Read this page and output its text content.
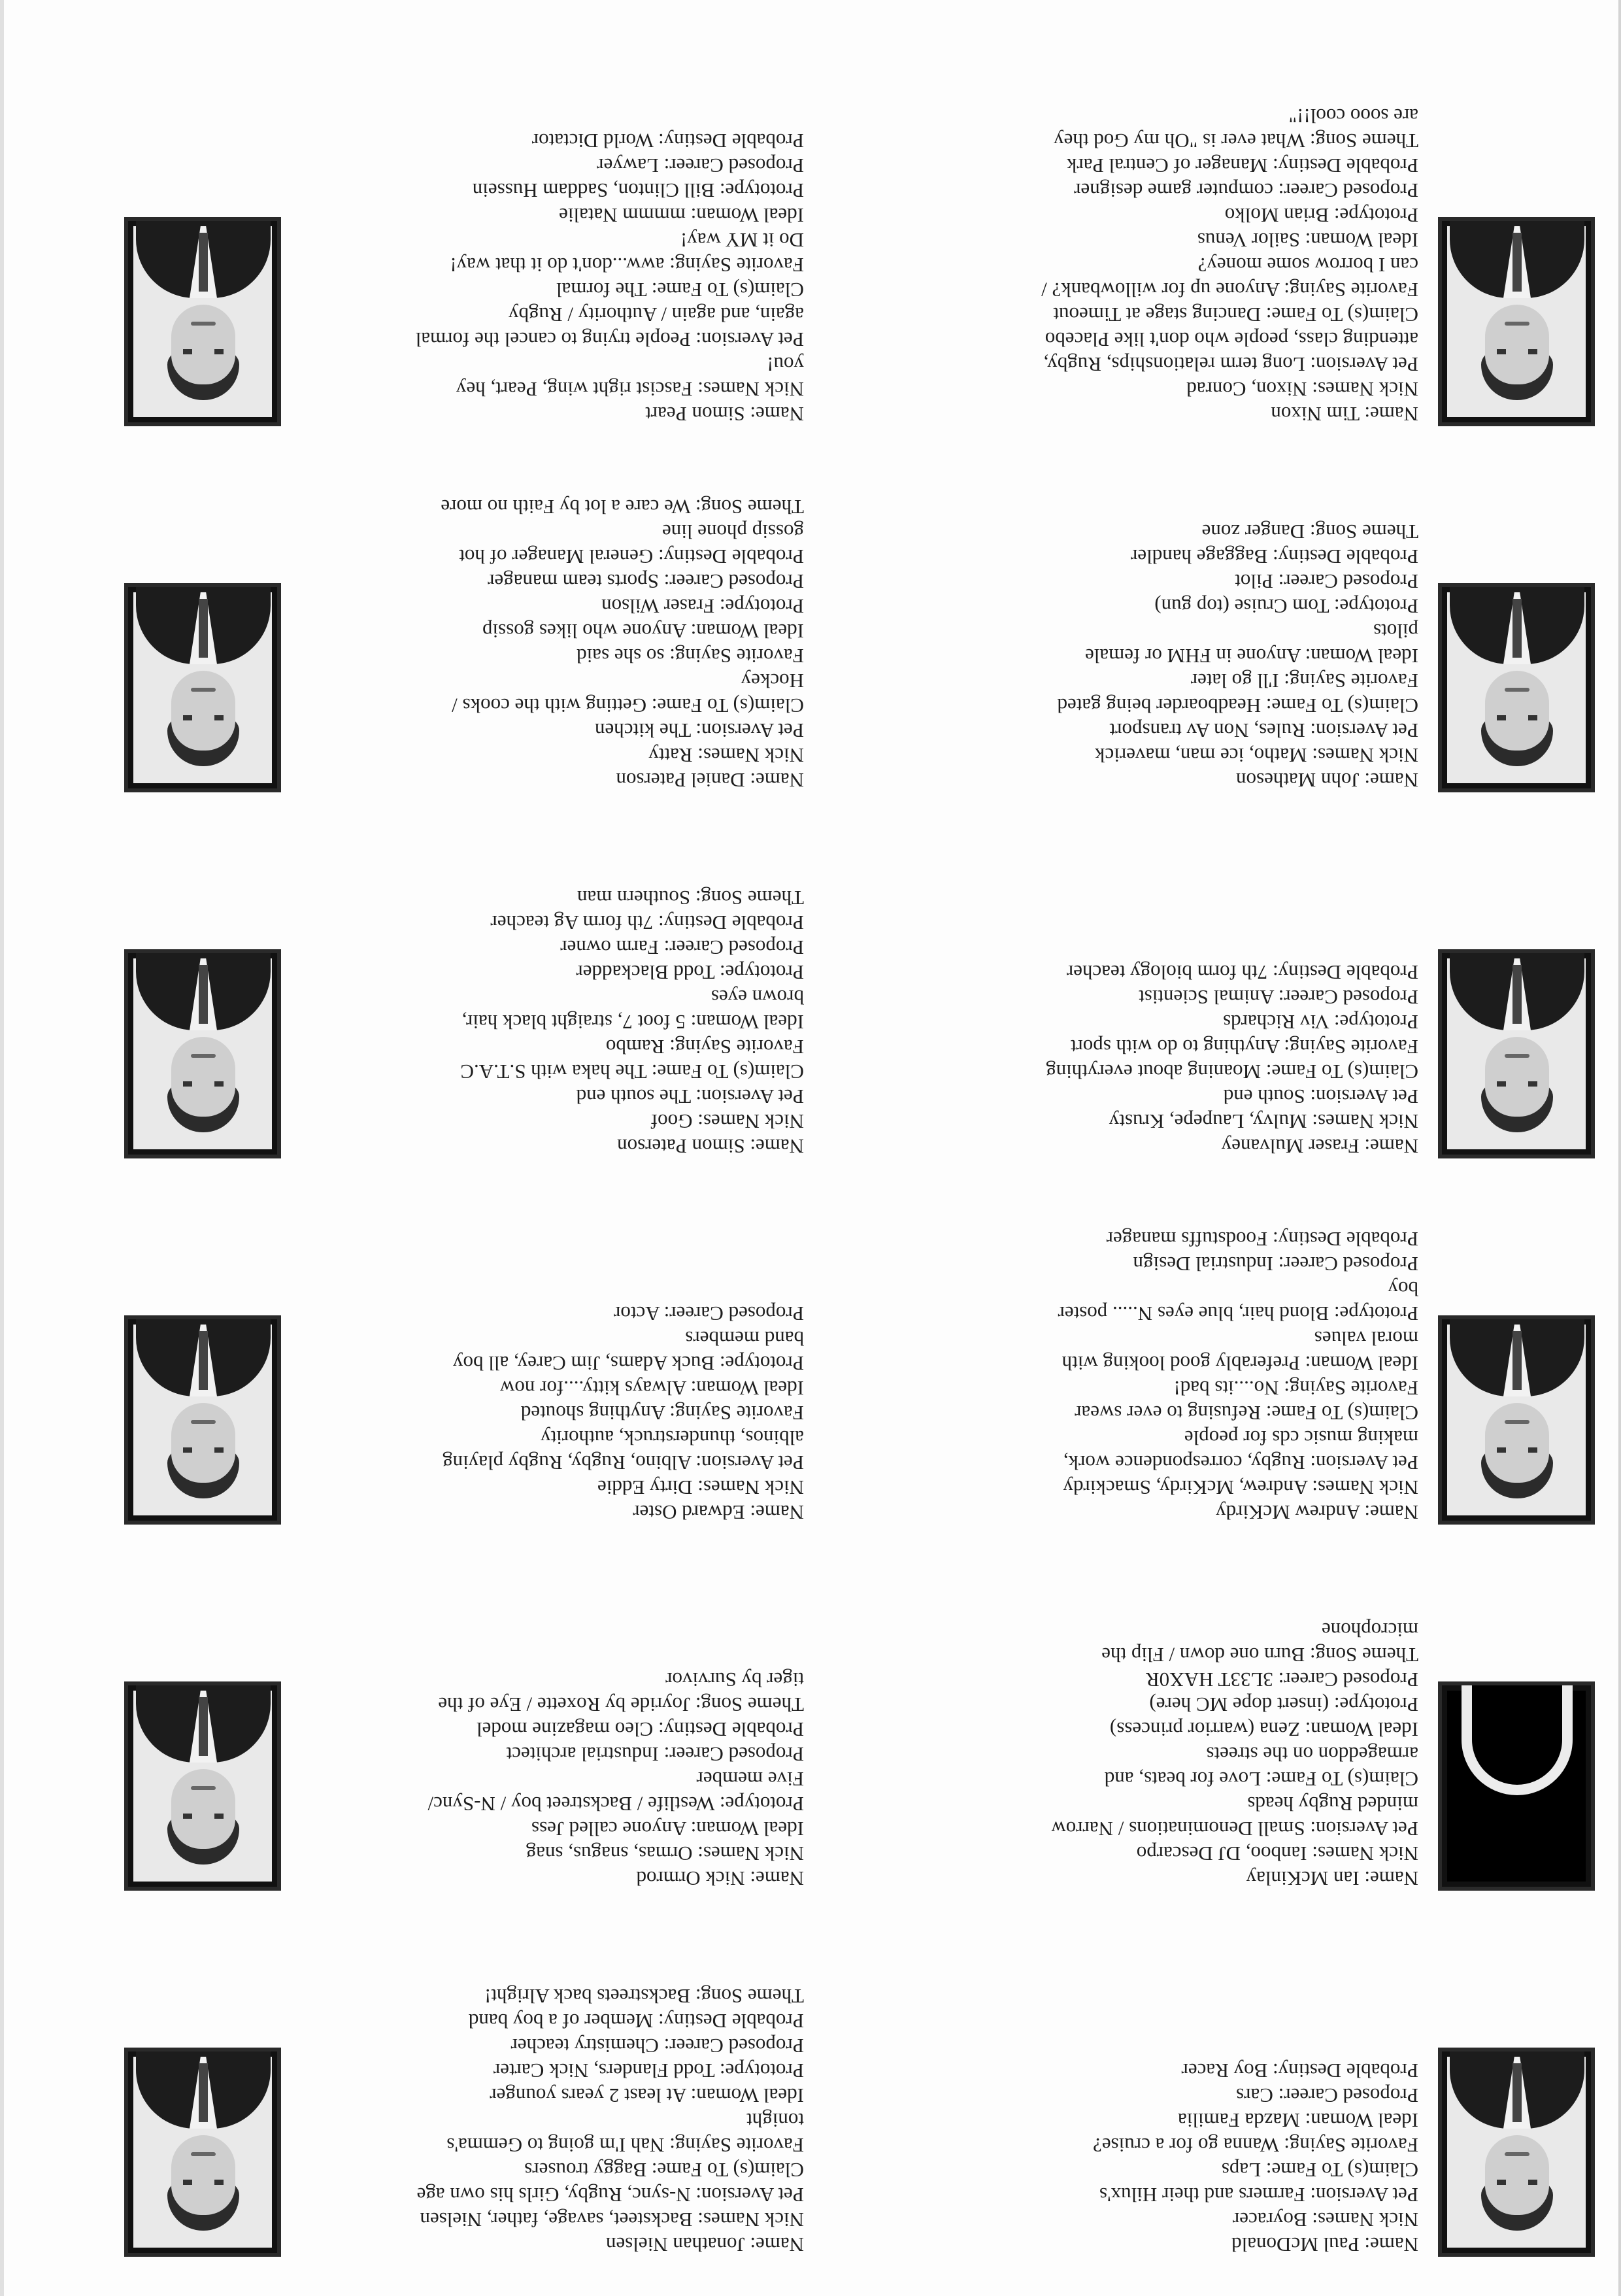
Name: Paul McDonald

Nick Names: Boyracer

Pet Aversion: Farmers and their Hilux's

Claim(s) To Fame: Laps

Favorite Saying: Wanna go for a cruise?

Ideal Woman: Mazda Familia

Proposed Career: Cars

Probable Destiny: Boy Racer

Name: Jonathan Nielsen

Nick Names: Backsteet, savage, father, Nielsen

Pet Aversion: N-sync, Rugby, Girls his own age

Claim(s) To Fame: Baggy trousers

Favorite Saying: Nah I'm going to Gemma's

tonight

Ideal Woman: At least 2 years younger

Prototype: Todd Flanders, Nick Carter

Proposed Career: Chemistry teacher

Probable Destiny: Member of a boy band

Theme Song: Backstreets back Alright!

Name: Ian McKinlay

Nick Names: Ianboo, DJ Descarpo

Pet Aversion: Small Denominations / Narrow

minded Rugby heads

Claim(s) To Fame: Love for beats, and

armageddon on the streets

Ideal Woman: Zena (warrior princess)

Prototype: (insert dope MC here)

Proposed Career: 3L33T HAX0R

Theme Song: Burn one down / Flip the

microphone

Name: Nick Ormrod

Nick Names: Ormas, snagus, snag

Ideal Woman: Anyone called Jess

Prototype: Westlife / Backstreet boy / N-Sync/

Five member

Proposed Career: Industrial architect

Probable Destiny: Cleo magazine model

Theme Song: Joyride by Roxette / Eye of the

tiger by Survivor

Name: Andrew McKirdy

Nick Names: Andrew, McKirdy, Smackirdy

Pet Aversion: Rugby, correspondence work,

making music cds for people

Claim(s) To Fame: Refusing to ever swear

Favorite Saying: No....its bad!

Ideal Woman: Preferably good looking with

moral values

Prototype: Blond hair, blue eyes N..... poster

boy

Proposed Career: Industrial Design

Probable Destiny: Foodstuffs manager

Name: Edward Oster

Nick Names: Dirty Eddie

Pet Aversion: Albino, Rugby, Rugby playing

albinos, thunderstruck, authority

Favorite Saying: Anything shouted

Ideal Woman: Always kitty....for now

Prototype: Buck Adams, Jim Carey, all boy

band members

Proposed Career: Actor

Name: Fraser Mulvaney

Nick Names: Mulvy, Laupepe, Krusty

Pet Aversion: South end

Claim(s) To Fame: Moaning about everything

Favorite Saying: Anything to do with sport

Prototype: Viv Richards

Proposed Career: Animal Scientist

Probable Destiny: 7th form biology teacher

Name: Simon Paterson

Nick Names: Goof

Pet Aversion: The south end

Claim(s) To Fame: The haka with S.T.A.C

Favorite Saying: Rambo

Ideal Woman: 5 foot 7, straight black hair,

brown eyes

Prototype: Todd Blackadder

Proposed Career: Farm owner

Probable Destiny: 7th form Ag teacher

Theme Song: Southern man

Name: John Matheson

Nick Names: Matho, ice man, maverick

Pet Aversion: Rules, Non Av transport

Claim(s) To Fame: Headboarder being gated

Favorite Saying: I'll go later

Ideal Woman: Anyone in FHM or female

pilots

Prototype: Tom Cruise (top gun)

Proposed Career: Pilot

Probable Destiny: Baggage handler

Theme Song: Danger zone

Name: Daniel Paterson

Nick Names: Ratty

Pet Aversion: The kitchen

Claim(s) To Fame: Getting with the cooks /

Hockey

Favorite Saying: so she said

Ideal Woman: Anyone who likes gossip

Prototype: Fraser Wilson

Proposed Career: Sports team manager

Probable Destiny: General Manager of hot

gossip phone line

Theme Song: We care a lot by Faith no more

Name: Tim Nixon

Nick Names: Nixon, Conrad

Pet Aversion: Long term relationships, Rugby,

attending class, people who don't like Placebo

Claim(s) To Fame: Dancing stage at Timeout

Favorite Saying: Anyone up for willowbank? /

can I borrow some money?

Ideal Woman: Sailor Venus

Prototype: Brian Molko

Proposed Career: computer game designer

Probable Destiny: Manager of Central Park

Theme Song: What ever is "Oh my God they

are sooo cool!!"

Name: Simon Peart

Nick Names: Fascist right wing, Peart, hey

you!

Pet Aversion: People trying to cancel the formal

again, and again / Authority / Rugby

Claim(s) To Fame: The formal

Favorite Saying: aww...don't do it that way!

Do it MY way!

Ideal Woman: mmmm Natalie

Prototype: Bill Clinton, Saddam Hussein

Proposed Career: Lawyer

Probable Destiny: World Dictator
